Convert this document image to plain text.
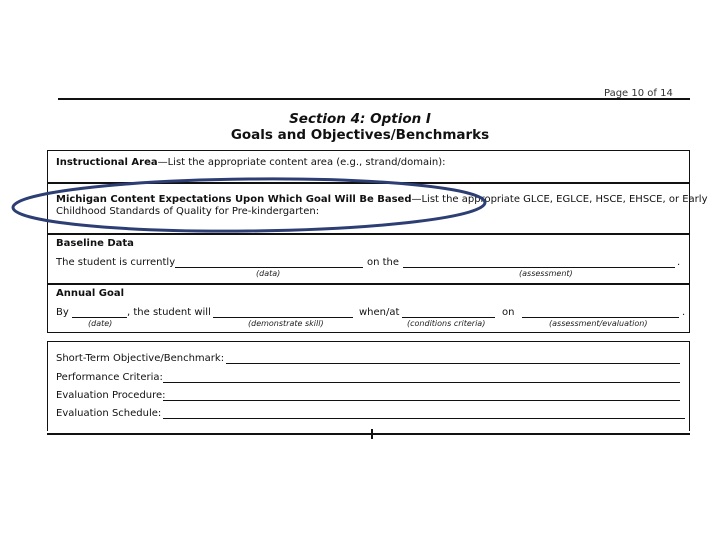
Page 10 of 14
Section 4: Option I
Goals and Objectives/Benchmarks
Instructional Area—List the appropriate content area (e.g., strand/domain):
Michigan Content Expectations Upon Which Goal Will Be Based—List the appropriate GLCE, EGLCE, HSCE, EHSCE, or Early
Childhood Standards of Quality for Pre-kindergarten:
Baseline Data
The student is currently	on the	.
(data)	(assessment)
Annual Goal
By	, the student will	when/at	on	.
(date)	(demonstrate skill)	(conditions criteria)	(assessment/evaluation)
Short-Term Objective/Benchmark:
Performance Criteria:
Evaluation Procedure:
Evaluation Schedule:
